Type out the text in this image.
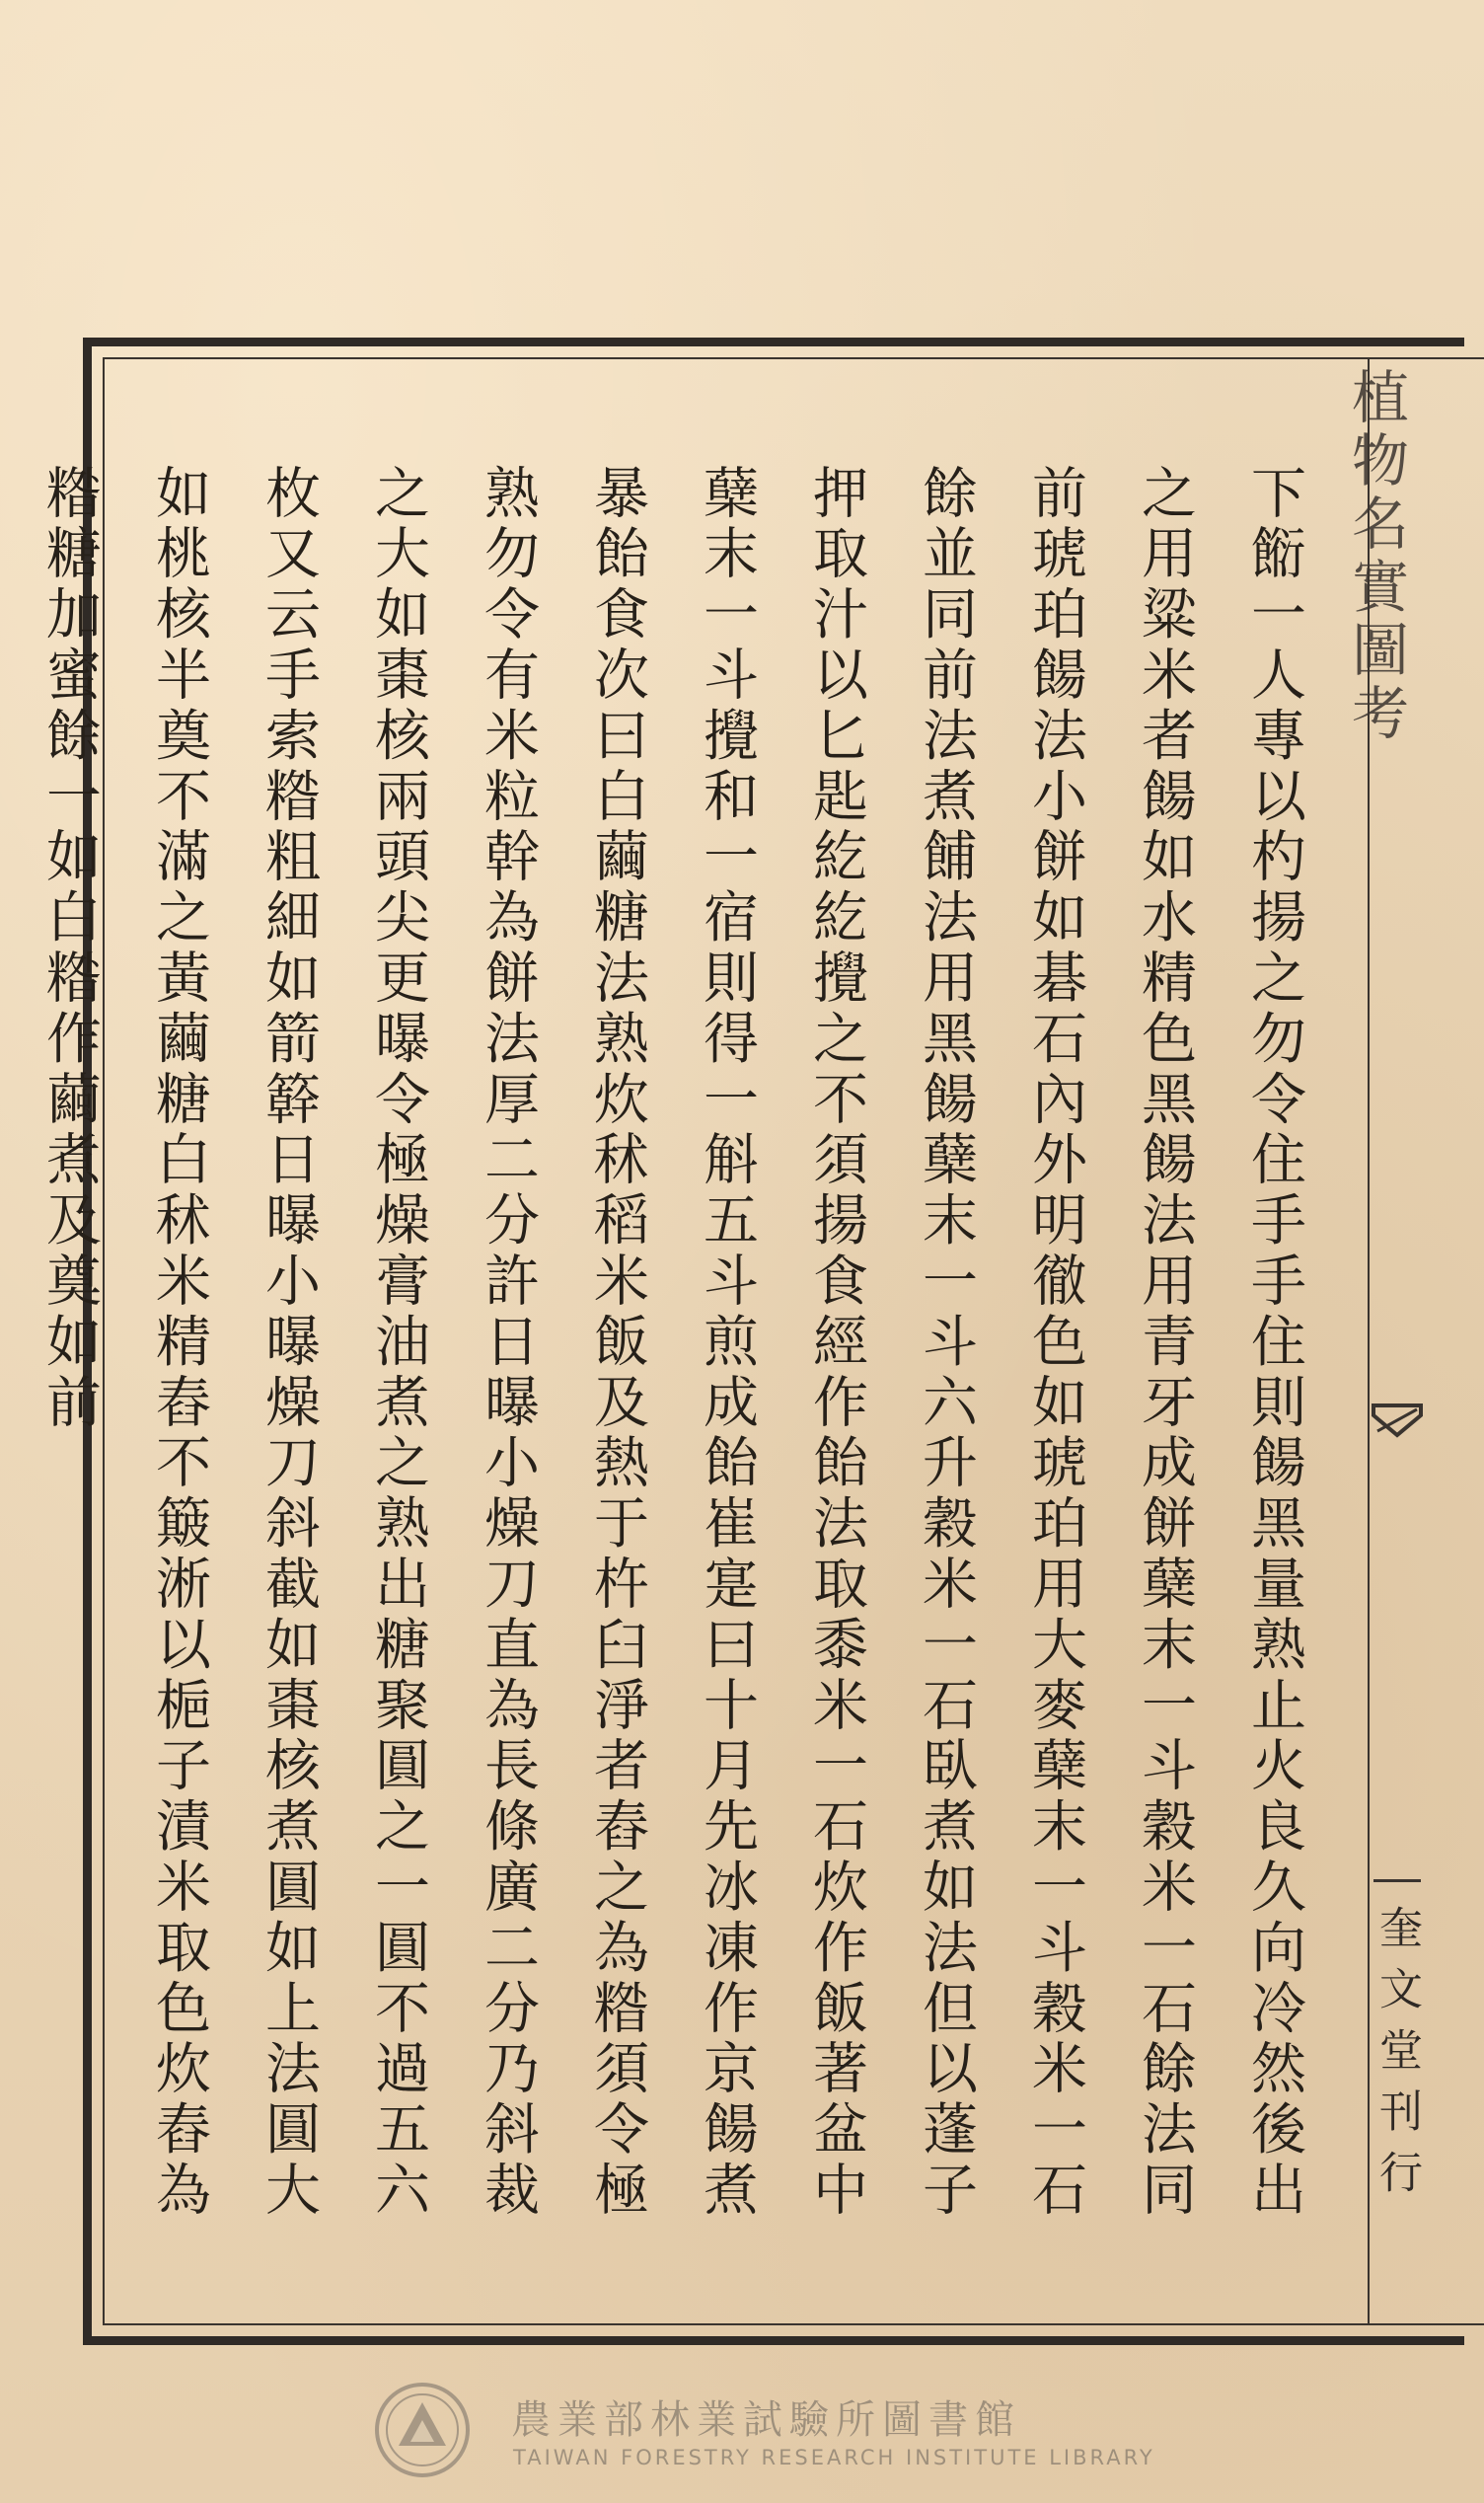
植物名實圖考
奎文堂刊行
下餰一人專以杓揚之勿令住手手住則餳黑量熟止火良久向冷然後出
之用粱米者餳如水精色黑餳法用青牙成餅蘖末一斗穀米一石餘法同
前琥珀餳法小餅如碁石內外明徹色如琥珀用大麥蘖末一斗穀米一石
餘並同前法煮餔法用黑餳蘖末一斗六升穀米一石臥煮如法但以蓬子
押取汁以匕匙紇紇攪之不須揚食經作飴法取黍米一石炊作飯著盆中
蘖末一斗攪和一宿則得一斛五斗煎成飴崔寔曰十月先冰凍作京餳煮
暴飴食次曰白繭糖法熟炊秫稻米飯及熱于杵臼淨者舂之為糌須令極
熟勿令有米粒幹為餅法厚二分許日曝小燥刀直為長條廣二分乃斜裁
之大如棗核兩頭尖更曝令極燥膏油煮之熟出糖聚圓之一圓不過五六
枚又云手索糌粗細如箭簳日曝小曝燥刀斜截如棗核煮圓如上法圓大
如桃核半奠不滿之黃繭糖白秫米精舂不簸淅以梔子漬米取色炊舂為
糌糖加蜜餘一如白糌作繭煮及奠如前
農業部林業試驗所圖書館
TAIWAN FORESTRY RESEARCH INSTITUTE LIBRARY
